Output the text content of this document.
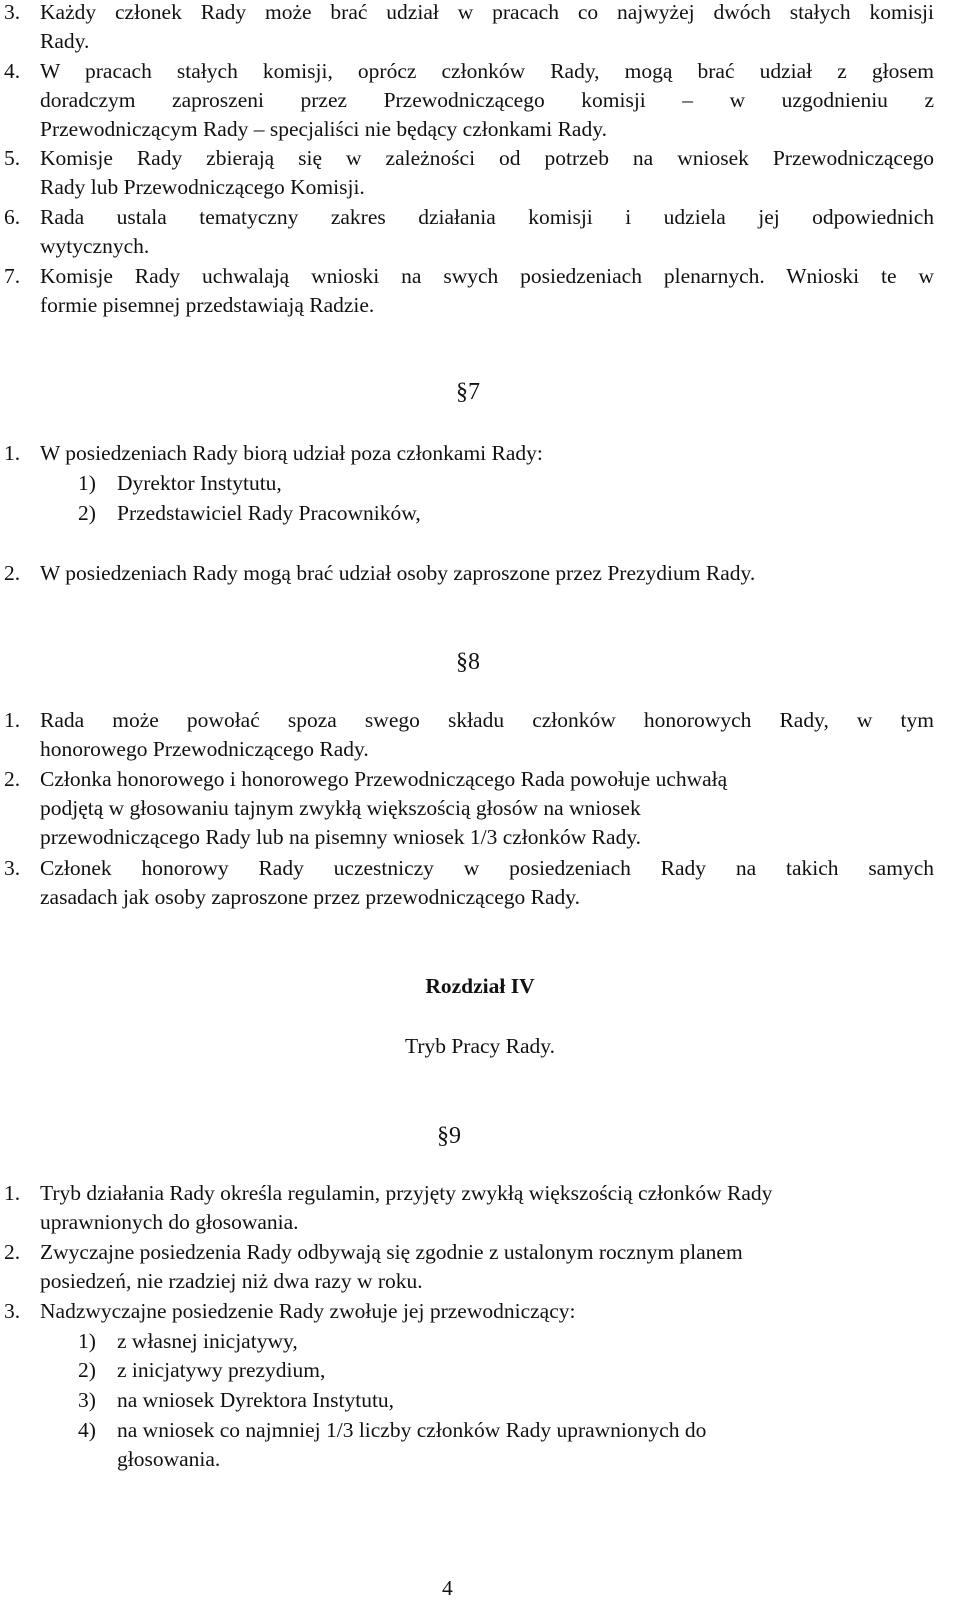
3. Każdy członek Rady może brać udział w pracach co najwyżej dwóch stałych komisji
Rady.
4. W pracach stałych komisji, oprócz członków Rady, mogą brać udział z głosem
doradczym zaproszeni przez Przewodniczącego komisji – w uzgodnieniu z
Przewodniczącym Rady – specjaliści nie będący członkami Rady.
5. Komisje Rady zbierają się w zależności od potrzeb na wniosek Przewodniczącego
Rady lub Przewodniczącego Komisji.
6. Rada ustala tematyczny zakres działania komisji i udziela jej odpowiednich
wytycznych.
7. Komisje Rady uchwalają wnioski na swych posiedzeniach plenarnych. Wnioski te w
formie pisemnej przedstawiają Radzie.
§7
1. W posiedzeniach Rady biorą udział poza członkami Rady:
1) Dyrektor Instytutu,
2) Przedstawiciel Rady Pracowników,
2. W posiedzeniach Rady mogą brać udział osoby zaproszone przez Prezydium Rady.
§8
1. Rada może powołać spoza swego składu członków honorowych Rady, w tym
honorowego Przewodniczącego Rady.
2. Członka honorowego i honorowego Przewodniczącego Rada powołuje uchwałą
podjętą w głosowaniu tajnym zwykłą większością głosów na wniosek
przewodniczącego Rady lub na pisemny wniosek 1/3 członków Rady.
3. Członek honorowy Rady uczestniczy w posiedzeniach Rady na takich samych
zasadach jak osoby zaproszone przez przewodniczącego Rady.
Rozdział IV
Tryb Pracy Rady.
§9
1. Tryb działania Rady określa regulamin, przyjęty zwykłą większością członków Rady
uprawnionych do głosowania.
2. Zwyczajne posiedzenia Rady odbywają się zgodnie z ustalonym rocznym planem
posiedzeń, nie rzadziej niż dwa razy w roku.
3. Nadzwyczajne posiedzenie Rady zwołuje jej przewodniczący:
1) z własnej inicjatywy,
2) z inicjatywy prezydium,
3) na wniosek Dyrektora Instytutu,
4) na wniosek co najmniej 1/3 liczby członków Rady uprawnionych do
głosowania.
4
